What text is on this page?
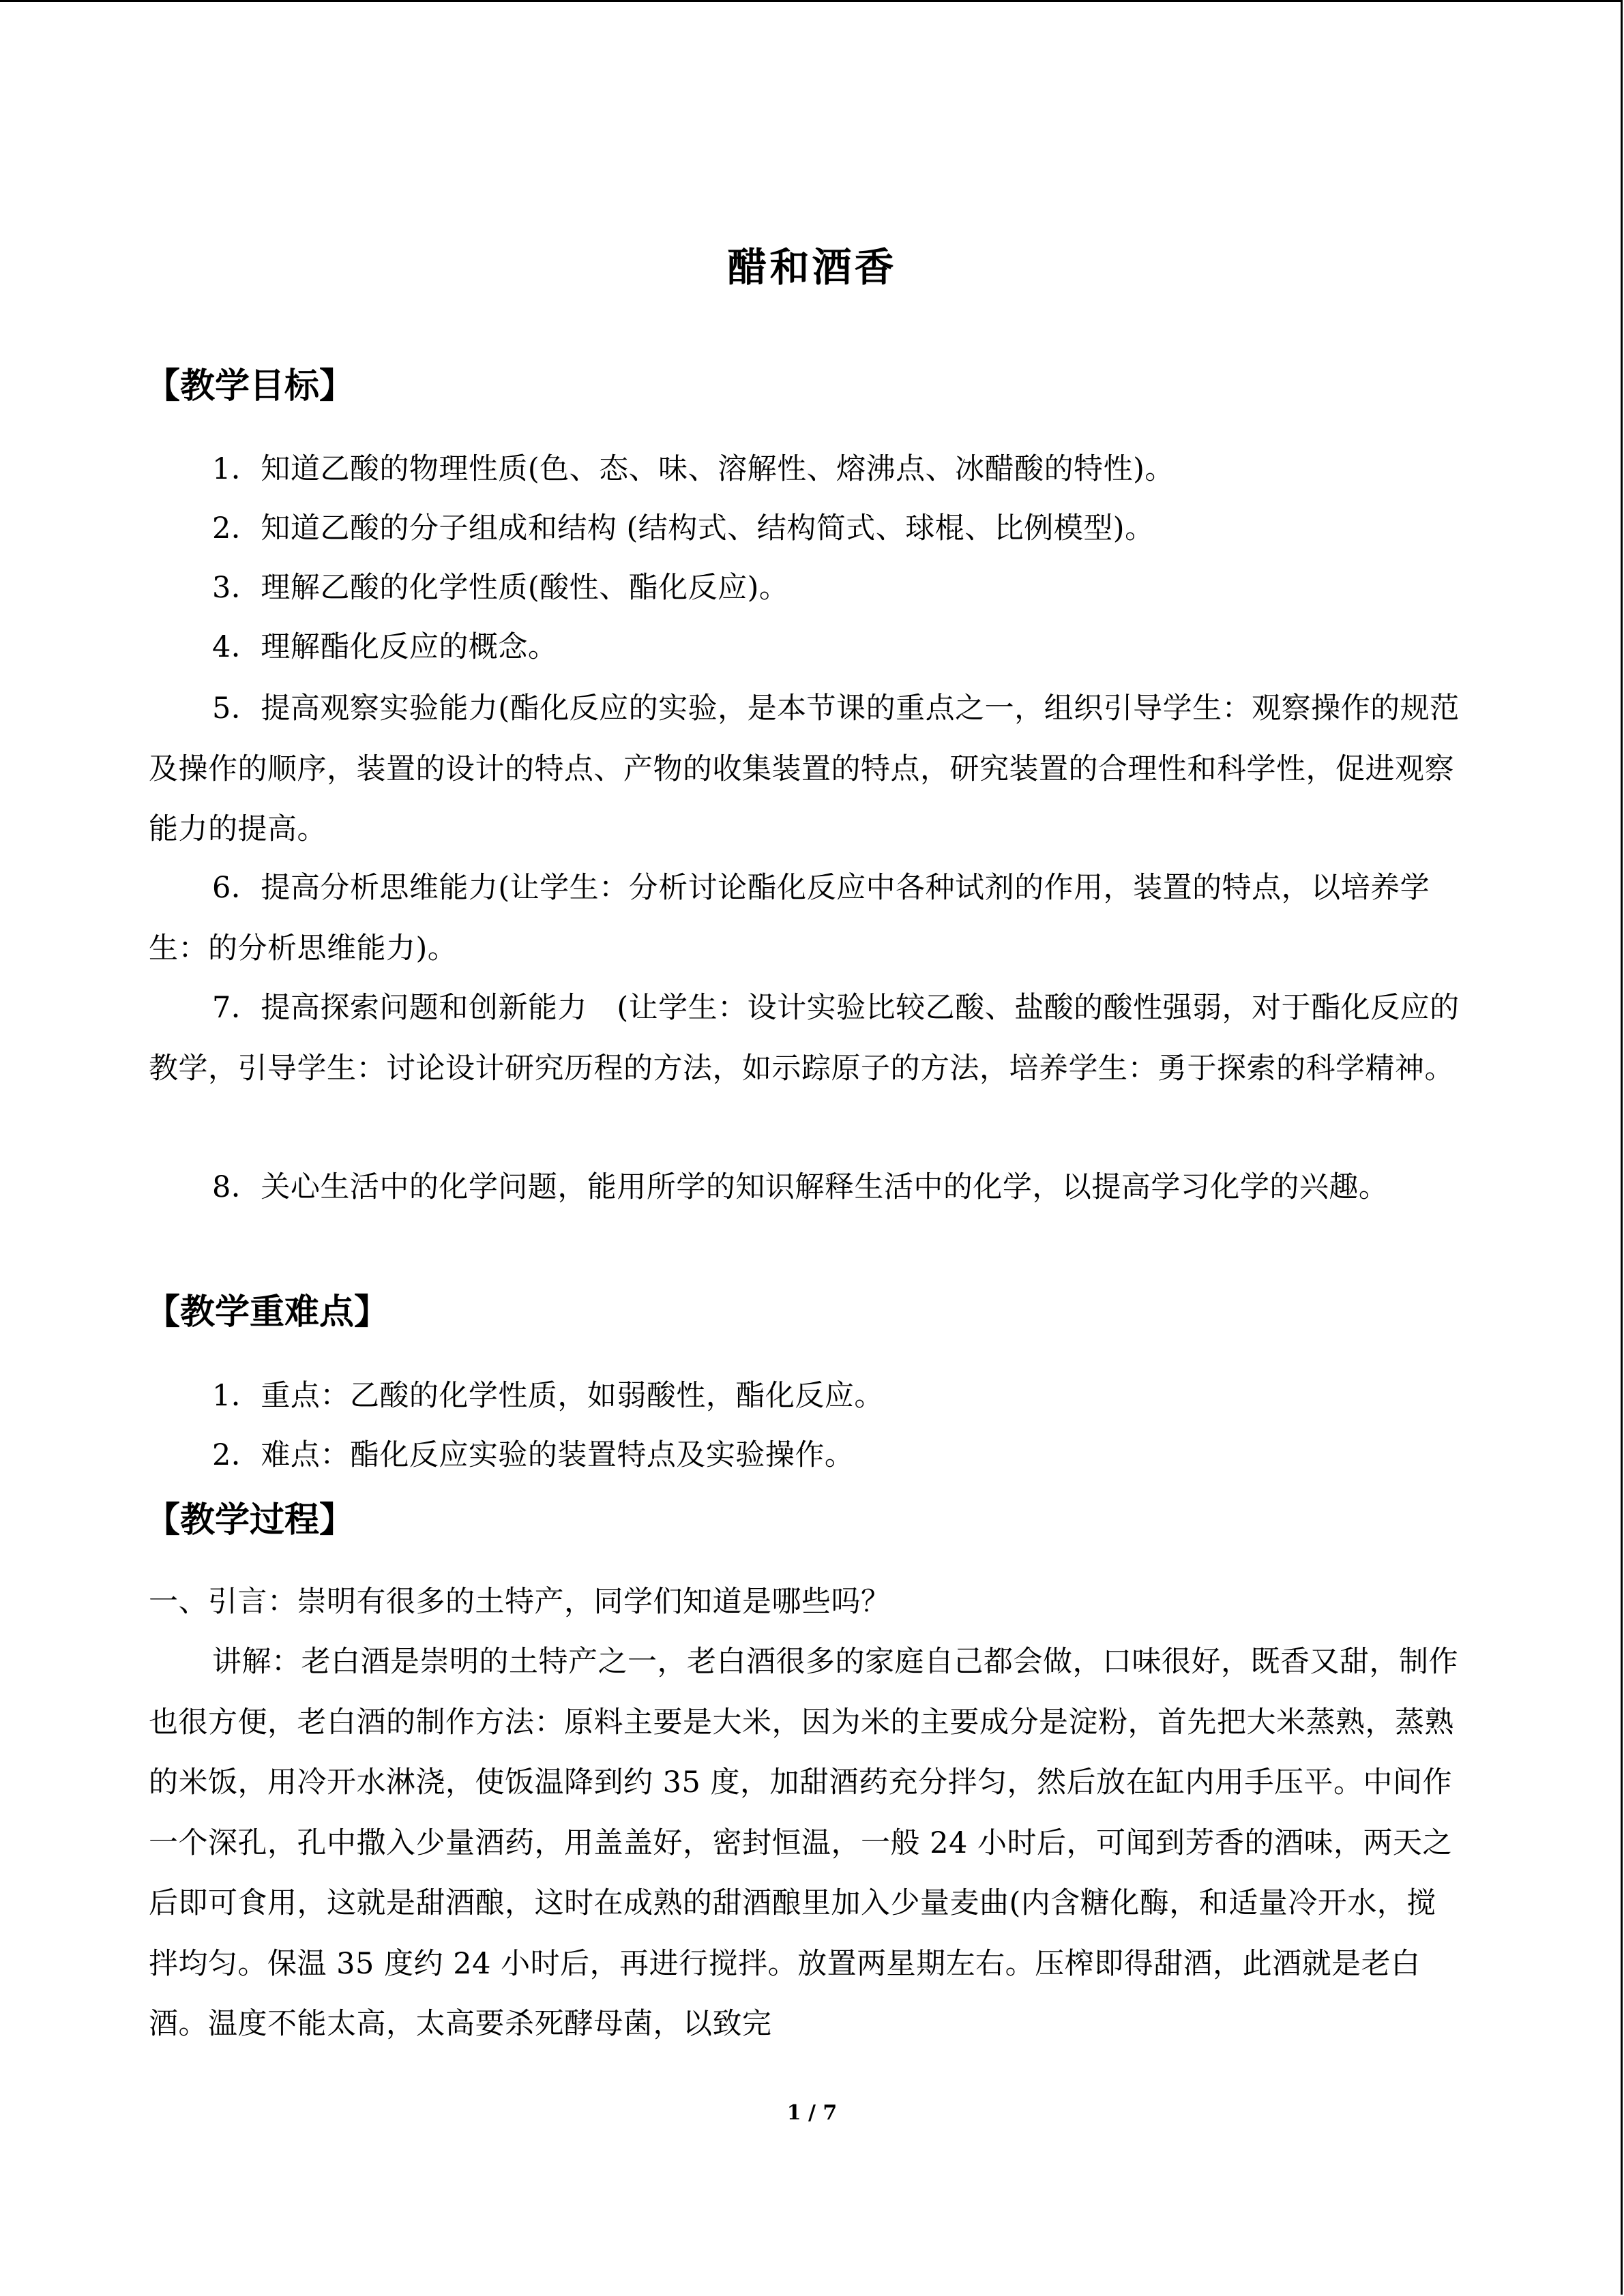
醋和酒香
【教学目标】

1．知道乙酸的物理性质(色、态、味、溶解性、熔沸点、冰醋酸的特性)。

2．知道乙酸的分子组成和结构 (结构式、结构简式、球棍、比例模型)。

3．理解乙酸的化学性质(酸性、酯化反应)。

4．理解酯化反应的概念。

5．提高观察实验能力(酯化反应的实验，是本节课的重点之一，组织引导学生：观察操作的规范及操作的顺序，装置的设计的特点、产物的收集装置的特点，研究装置的合理性和科学性，促进观察能力的提高。

6．提高分析思维能力(让学生：分析讨论酯化反应中各种试剂的作用，装置的特点，以培养学生：的分析思维能力)。

7．提高探索问题和创新能力　(让学生：设计实验比较乙酸、盐酸的酸性强弱，对于酯化反应的教学，引导学生：讨论设计研究历程的方法，如示踪原子的方法，培养学生：勇于探索的科学精神。

8．关心生活中的化学问题，能用所学的知识解释生活中的化学，以提高学习化学的兴趣。

【教学重难点】

1．重点：乙酸的化学性质，如弱酸性，酯化反应。

2．难点：酯化反应实验的装置特点及实验操作。

【教学过程】

一、引言：崇明有很多的土特产，同学们知道是哪些吗？

讲解：老白酒是崇明的土特产之一，老白酒很多的家庭自己都会做，口味很好，既香又甜，制作也很方便，老白酒的制作方法：原料主要是大米，因为米的主要成分是淀粉，首先把大米蒸熟，蒸熟的米饭，用冷开水淋浇，使饭温降到约 35 度，加甜酒药充分拌匀，然后放在缸内用手压平。中间作一个深孔，孔中撒入少量酒药，用盖盖好，密封恒温，一般 24 小时后，可闻到芳香的酒味，两天之后即可食用，这就是甜酒酿，这时在成熟的甜酒酿里加入少量麦曲(内含糖化酶，和适量冷开水，搅拌均匀。保温 35 度约 24 小时后，再进行搅拌。放置两星期左右。压榨即得甜酒，此酒就是老白酒。温度不能太高，太高要杀死酵母菌，以致完

1 / 7
